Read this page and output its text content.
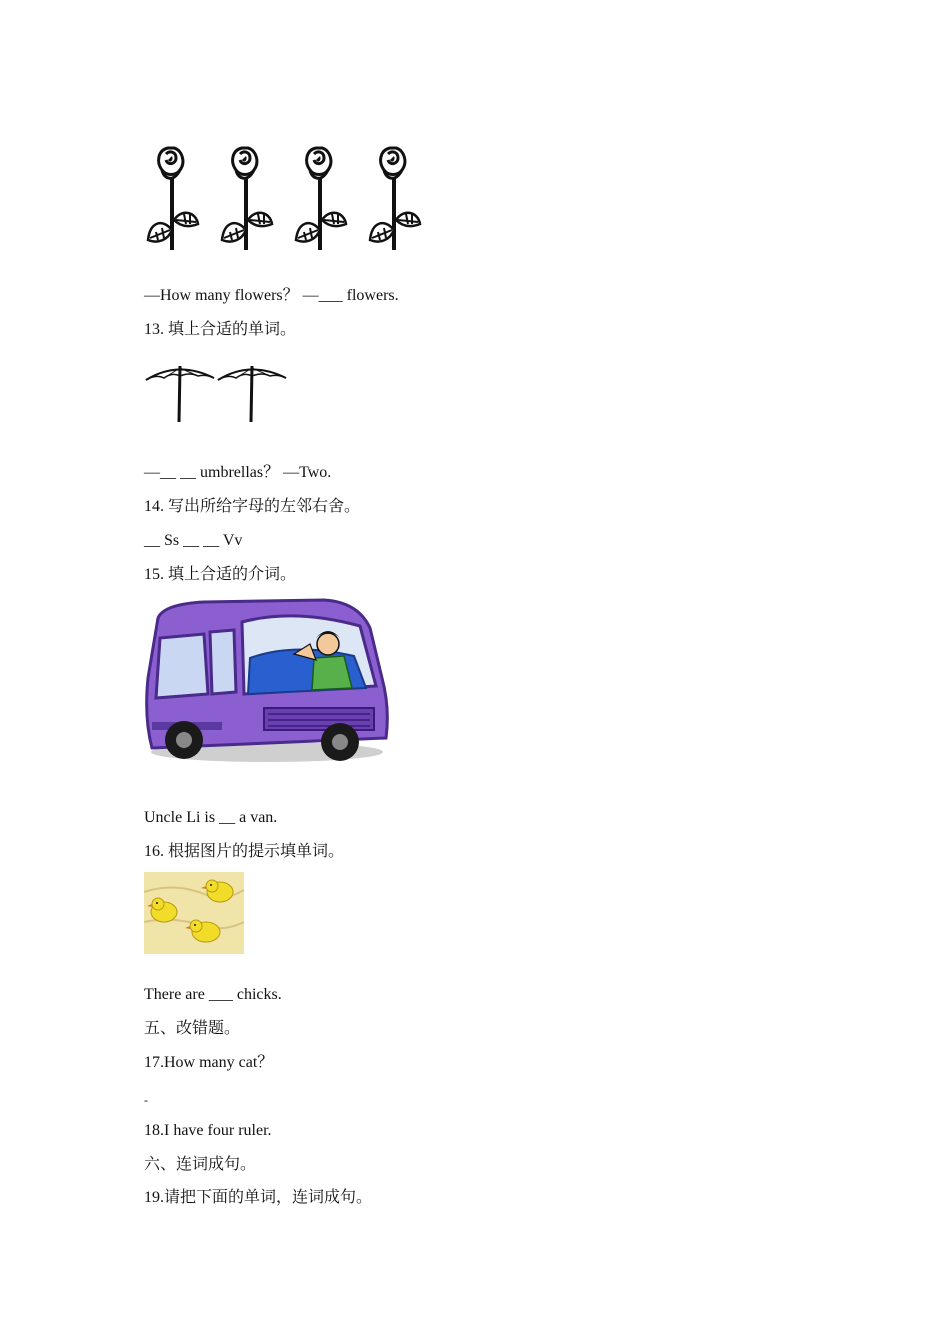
—How many flowers？ —___ flowers.
13. 填上合适的单词。
—__ __ umbrellas？ —Two.
14. 写出所给字母的左邻右舍。
__ Ss __ __ Vv
15. 填上合适的介词。
Uncle Li is __ a van.
16. 根据图片的提示填单词。
There are ___ chicks.
五、改错题。
17.How many cat？
-
18.I have four ruler.
六、连词成句。
19.请把下面的单词，连词成句。
